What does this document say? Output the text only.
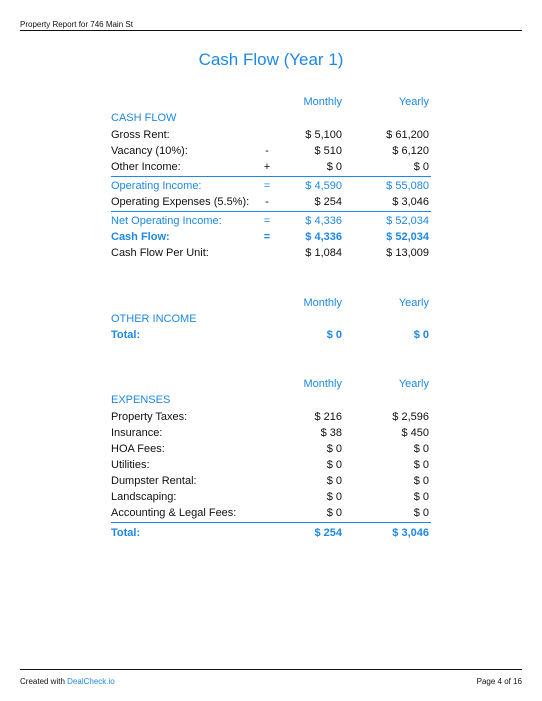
Property Report for 746 Main St
Cash Flow (Year 1)
Monthly	Yearly
CASH FLOW
Gross Rent:	$ 5,100	$ 61,200
Vacancy (10%):	-	$ 510	$ 6,120
Other Income:	+	$ 0	$ 0
Operating Income:	=	$ 4,590	$ 55,080
Operating Expenses (5.5%):	-	$ 254	$ 3,046
Net Operating Income:	=	$ 4,336	$ 52,034
Cash Flow:	=	$ 4,336	$ 52,034
Cash Flow Per Unit:	$ 1,084	$ 13,009
Monthly	Yearly
OTHER INCOME
Total:	$ 0	$ 0
Monthly	Yearly
EXPENSES
Property Taxes:	$ 216	$ 2,596
Insurance:	$ 38	$ 450
HOA Fees:	$ 0	$ 0
Utilities:	$ 0	$ 0
Dumpster Rental:	$ 0	$ 0
Landscaping:	$ 0	$ 0
Accounting & Legal Fees:	$ 0	$ 0
Total:	$ 254	$ 3,046
Created with DealCheck.io	Page 4 of 16
